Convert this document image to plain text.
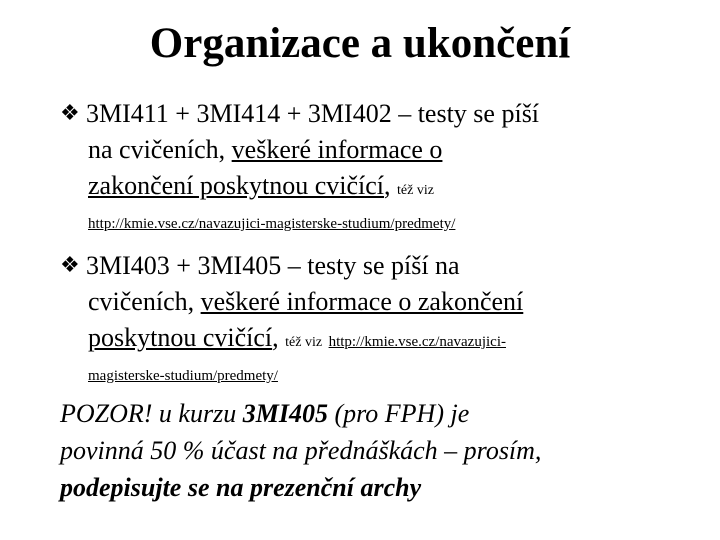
Organizace a ukončení
❖ 3MI411 + 3MI414 + 3MI402 – testy se píší
na cvičeních, veškeré informace o
zakončení poskytnou cvičící, též viz
http://kmie.vse.cz/navazujici-magisterske-studium/predmety/
❖ 3MI403 + 3MI405 – testy se píší na
cvičeních, veškeré informace o zakončení
poskytnou cvičící, též viz http://kmie.vse.cz/navazujici-
magisterske-studium/predmety/
POZOR! u kurzu 3MI405 (pro FPH) je
povinná 50 % účast na přednáškách – prosím,
podepisujte se na prezenční archy
